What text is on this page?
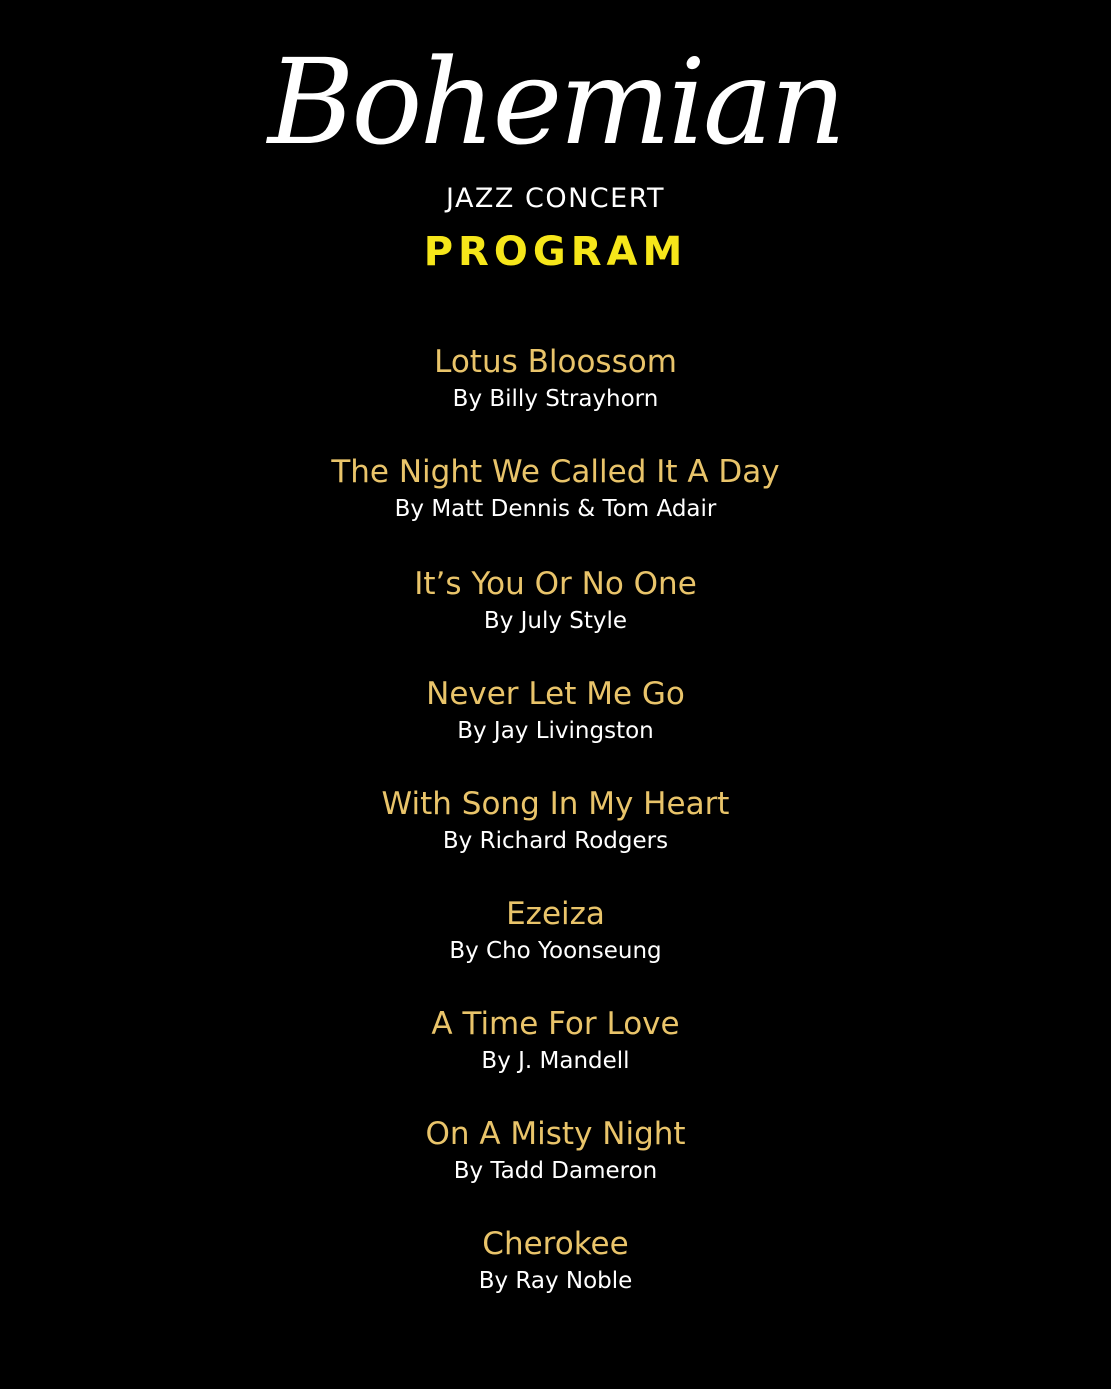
Bohemian
JAZZ CONCERT
PROGRAM
Lotus Bloossom
By Billy Strayhorn
The Night We Called It A Day
By Matt Dennis & Tom Adair
It’s You Or No One
By July Style
Never Let Me Go
By Jay Livingston
With Song In My Heart
By Richard Rodgers
Ezeiza
By Cho Yoonseung
A Time For Love
By J. Mandell
On A Misty Night
By Tadd Dameron
Cherokee
By Ray Noble
